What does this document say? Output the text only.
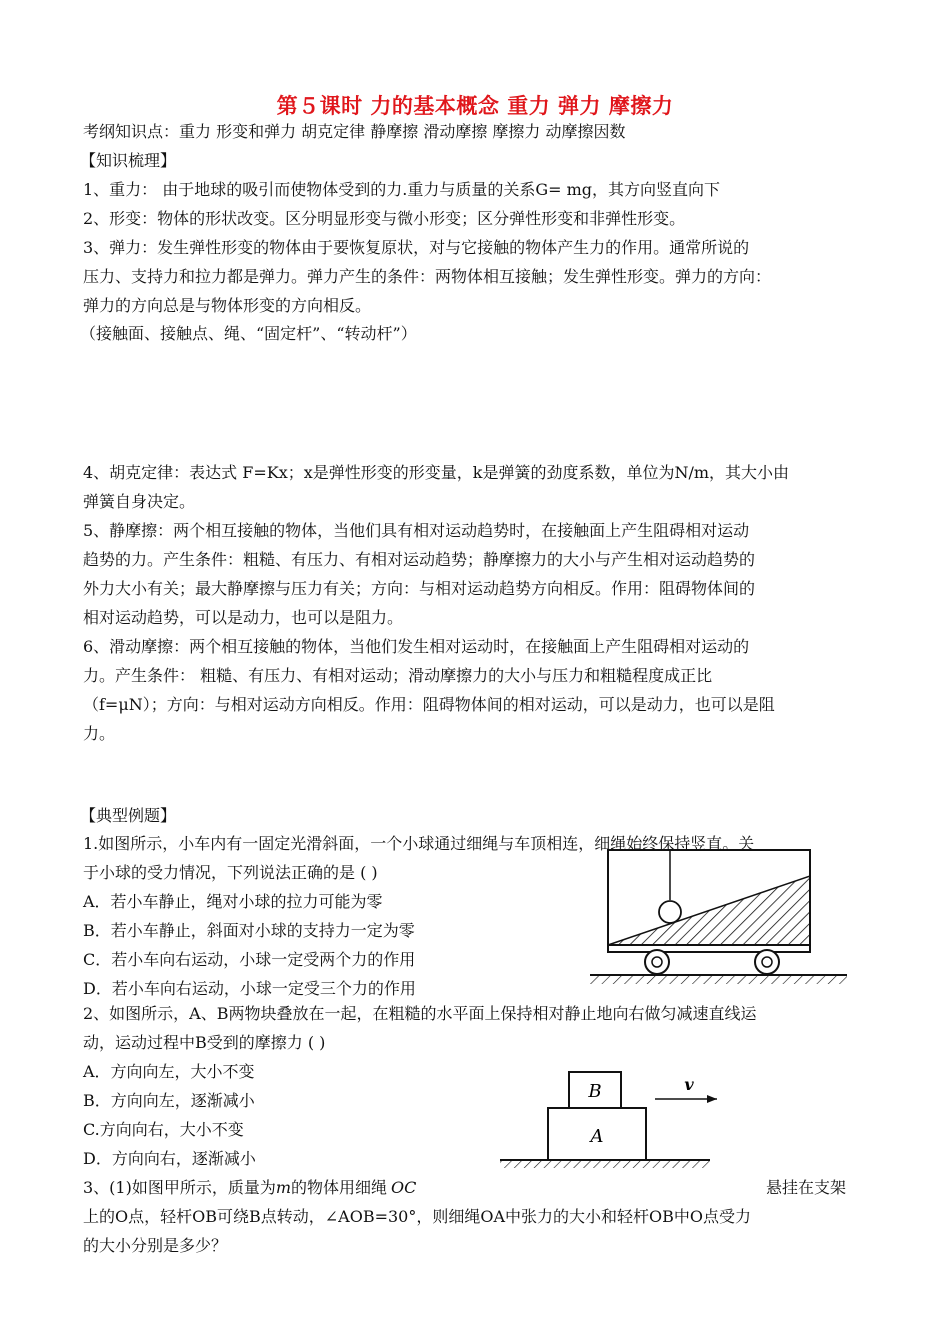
第５课时 力的基本概念 重力 弹力 摩擦力
考纲知识点：重力 形变和弹力 胡克定律 静摩擦 滑动摩擦 摩擦力 动摩擦因数
【知识梳理】
1、重力： 由于地球的吸引而使物体受到的力.重力与质量的关系G= mg，其方向竖直向下
2、形变：物体的形状改变。区分明显形变与微小形变；区分弹性形变和非弹性形变。
3、弹力：发生弹性形变的物体由于要恢复原状，对与它接触的物体产生力的作用。通常所说的
压力、支持力和拉力都是弹力。弹力产生的条件：两物体相互接触；发生弹性形变。弹力的方向：
弹力的方向总是与物体形变的方向相反。
（接触面、接触点、绳、“固定杆”、“转动杆”）
4、胡克定律：表达式 F=Kx；x是弹性形变的形变量，k是弹簧的劲度系数，单位为N/m，其大小由
弹簧自身决定。
5、静摩擦：两个相互接触的物体，当他们具有相对运动趋势时，在接触面上产生阻碍相对运动
趋势的力。产生条件：粗糙、有压力、有相对运动趋势；静摩擦力的大小与产生相对运动趋势的
外力大小有关；最大静摩擦与压力有关；方向：与相对运动趋势方向相反。作用：阻碍物体间的
相对运动趋势，可以是动力，也可以是阻力。
6、滑动摩擦：两个相互接触的物体，当他们发生相对运动时，在接触面上产生阻碍相对运动的
力。产生条件： 粗糙、有压力、有相对运动；滑动摩擦力的大小与压力和粗糙程度成正比
（f=μN）；方向：与相对运动方向相反。作用：阻碍物体间的相对运动，可以是动力，也可以是阻
力。
【典型例题】
1.如图所示，小车内有一固定光滑斜面，一个小球通过细绳与车顶相连，细绳始终保持竖直。关
于小球的受力情况，下列说法正确的是 ( )
A．若小车静止，绳对小球的拉力可能为零
B．若小车静止，斜面对小球的支持力一定为零
C．若小车向右运动，小球一定受两个力的作用
D．若小车向右运动，小球一定受三个力的作用
2、如图所示，A、B两物块叠放在一起，在粗糙的水平面上保持相对静止地向右做匀减速直线运
动，运动过程中B受到的摩擦力 ( )
A．方向向左，大小不变
B．方向向左，逐渐减小
C.方向向右，大小不变
D．方向向右，逐渐减小
B
A
v
3、(1)如图甲所示，质量为m的物体用细绳 OC	悬挂在支架
上的O点，轻杆OB可绕B点转动，∠AOB=30°，则细绳OA中张力的大小和轻杆OB中O点受力
的大小分别是多少？
